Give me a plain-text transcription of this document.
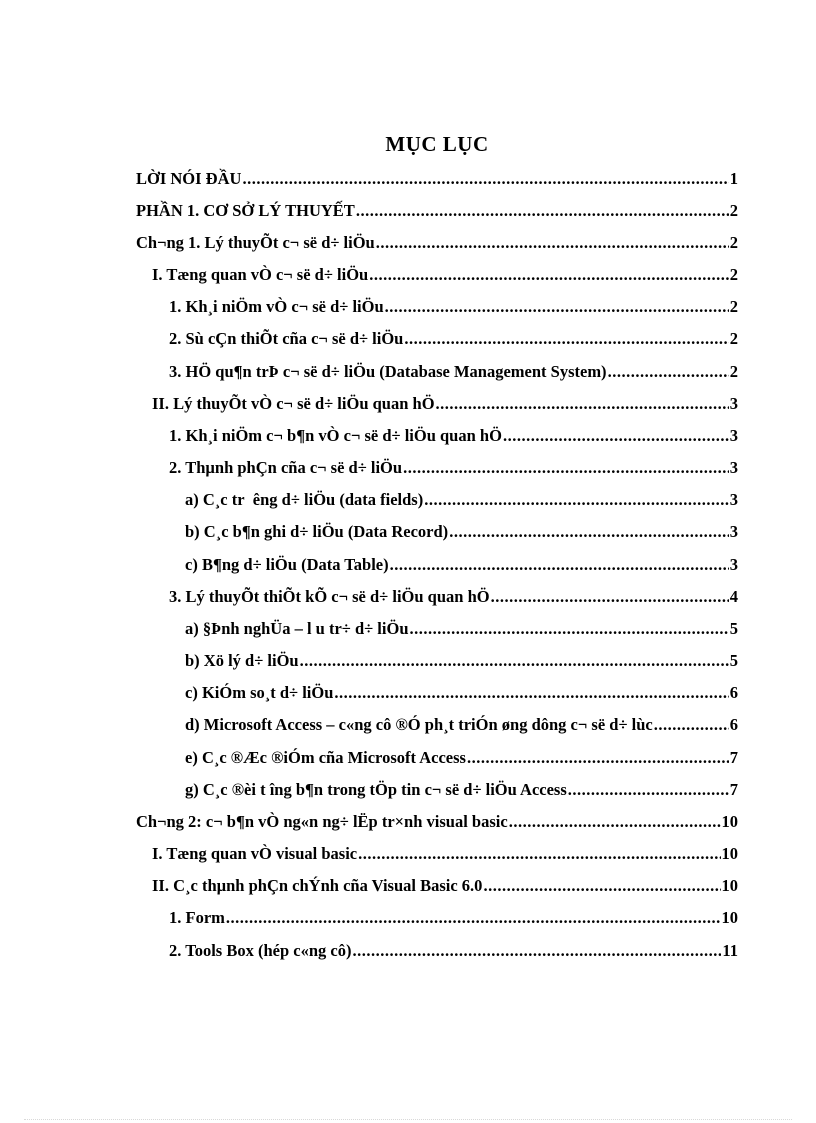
MỤC LỤC
LỜI NÓI ĐẦU .....	1
PHẦN 1. CƠ SỞ LÝ THUYẾT .....	2
Ch¬ng 1. Lý thuyÕt c¬ së d÷ liÖu .....	2
I. Tæng quan vÒ c¬ së d÷ liÖu .....	2
1. Kh¸i niÖm vÒ c¬ së d÷ liÖu .....	2
2. Sù cÇn thiÕt cña c¬ së d÷ liÖu .....	2
3. HÖ qu¶n trÞ c¬ së d÷ liÖu (Database Management System) .....	2
II. Lý thuyÕt vÒ c¬ së d÷ liÖu quan hÖ .....	3
1. Kh¸i niÖm c¬ b¶n vÒ c¬ së d÷ liÖu quan hÖ .....	3
2. Thµnh phÇn cña c¬ së d÷ liÖu .....	3
a) C¸c tr  êng d÷ liÖu (data fields) .....	3
b) C¸c b¶n ghi d÷ liÖu (Data Record) .....	3
c) B¶ng d÷ liÖu (Data Table) .....	3
3. Lý thuyÕt thiÕt kÕ c¬ së d÷ liÖu quan hÖ .....	4
a) §Þnh nghÜa – l u tr÷ d÷ liÖu .....	5
b) Xö lý d÷ liÖu .....	5
c) KiÓm so¸t d÷ liÖu .....	6
d) Microsoft Access – c«ng cô ®Ó ph¸t triÓn øng dông c¬ së d÷ lùc .....	6
e) C¸c ®Æc ®iÓm cña Microsoft Access .....	7
g) C¸c ®èi t îng b¶n trong tÖp tin c¬ së d÷ liÖu Access .....	7
Ch¬ng 2: c¬ b¶n vÒ ng«n ng÷ lËp tr×nh visual basic .....	10
I. Tæng quan vÒ visual basic .....	10
II. C¸c thµnh phÇn chÝnh cña Visual Basic 6.0 .....	10
1. Form .....	10
2. Tools Box (hép c«ng cô) .....	11
